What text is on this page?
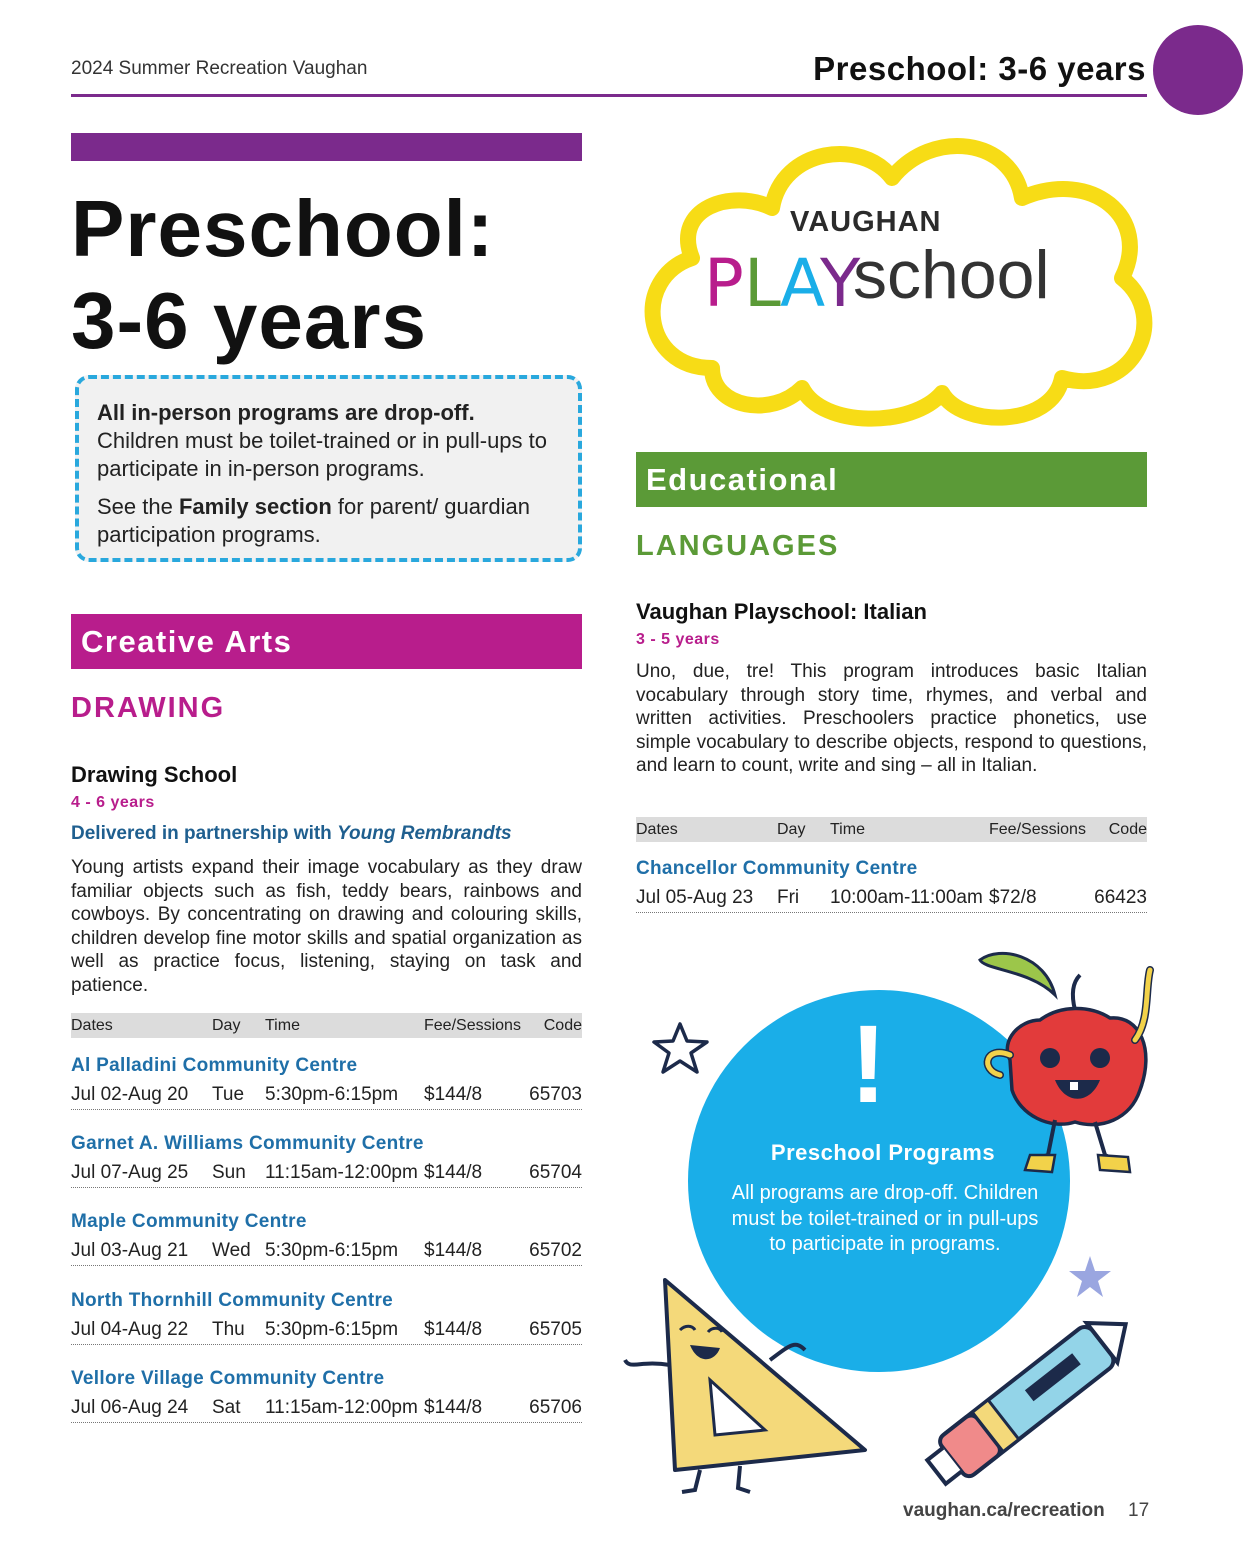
2024 Summer Recreation Vaughan	Preschool: 3-6 years
Preschool:
3-6 years

All in-person programs are drop-off. Children must be toilet-trained or in pull-ups to participate in in-person programs.

See the Family section for parent/ guardian participation programs.

Creative Arts
DRAWING
Drawing School
4 - 6 years
Delivered in partnership with Young Rembrandts
Young artists expand their image vocabulary as they draw familiar objects such as fish, teddy bears, rainbows and cowboys. By concentrating on drawing and colouring skills, children develop fine motor skills and spatial organization as well as practice focus, listening, staying on task and patience.
Dates	Day Time	Fee/Sessions Code
Al Palladini Community Centre
Jul 02-Aug 20 Tue 5:30pm-6:15pm $144/8 65703
Garnet A. Williams Community Centre
Jul 07-Aug 25 Sun 11:15am-12:00pm $144/8 65704
Maple Community Centre
Jul 03-Aug 21 Wed 5:30pm-6:15pm $144/8 65702
North Thornhill Community Centre
Jul 04-Aug 22 Thu 5:30pm-6:15pm $144/8 65705
Vellore Village Community Centre
Jul 06-Aug 24 Sat 11:15am-12:00pm $144/8 65706
VAUGHAN
P L A
Y
school
Educational
LANGUAGES
Vaughan Playschool: Italian
3 - 5 years
Uno, due, tre! This program introduces basic Italian vocabulary through story time, rhymes, and verbal and written activities. Preschoolers practice phonetics, use simple vocabulary to describe objects, respond to questions, and learn to count, write and sing – all in Italian.
Dates	Day Time	Fee/Sessions Code
Chancellor Community Centre
Jul 05-Aug 23 Fri 10:00am-11:00am $72/8	66423
!
Preschool Programs
All programs are drop-off. Children must be toilet-trained or in pull-ups to participate in programs.
vaughan.ca/recreation 17
